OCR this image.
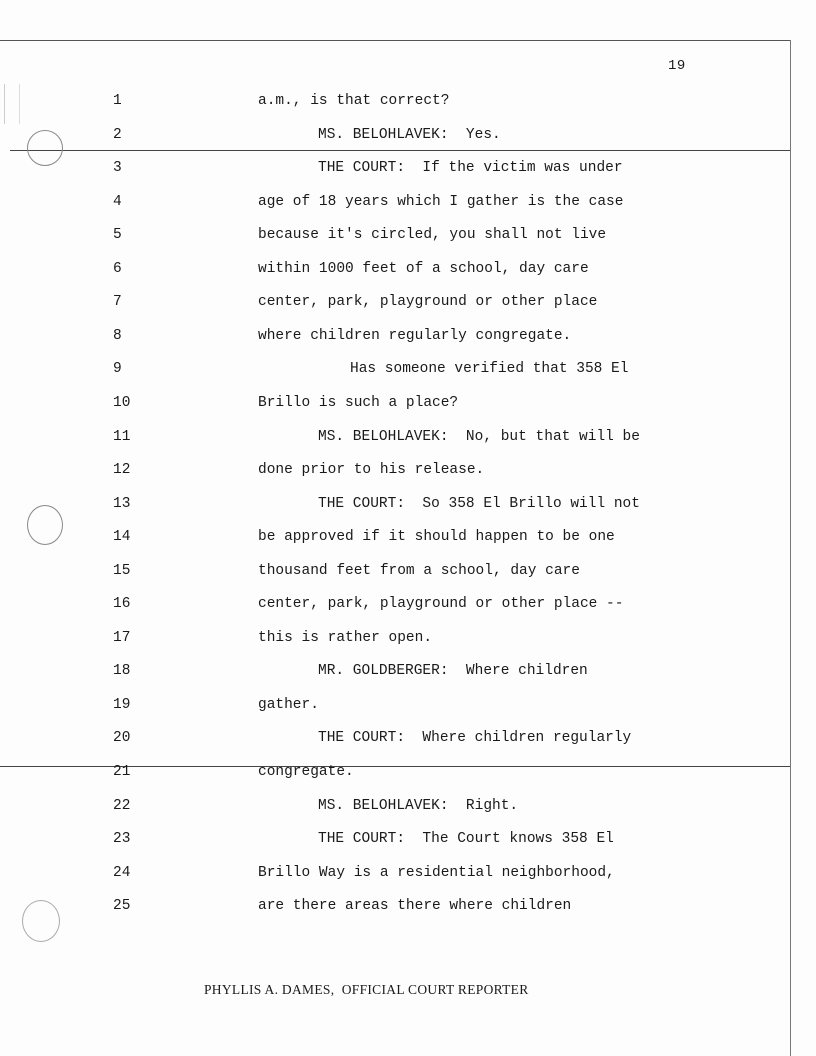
19
1	a.m., is that correct?
2	MS. BELOHLAVEK:  Yes.
3	THE COURT:  If the victim was under
4	age of 18 years which I gather is the case
5	because it's circled, you shall not live
6	within 1000 feet of a school, day care
7	center, park, playground or other place
8	where children regularly congregate.
9	Has someone verified that 358 El
10	Brillo is such a place?
11	MS. BELOHLAVEK:  No, but that will be
12	done prior to his release.
13	THE COURT:  So 358 El Brillo will not
14	be approved if it should happen to be one
15	thousand feet from a school, day care
16	center, park, playground or other place --
17	this is rather open.
18	MR. GOLDBERGER:  Where children
19	gather.
20	THE COURT:  Where children regularly
21	congregate.
22	MS. BELOHLAVEK:  Right.
23	THE COURT:  The Court knows 358 El
24	Brillo Way is a residential neighborhood,
25	are there areas there where children
PHYLLIS A. DAMES,  OFFICIAL COURT REPORTER
